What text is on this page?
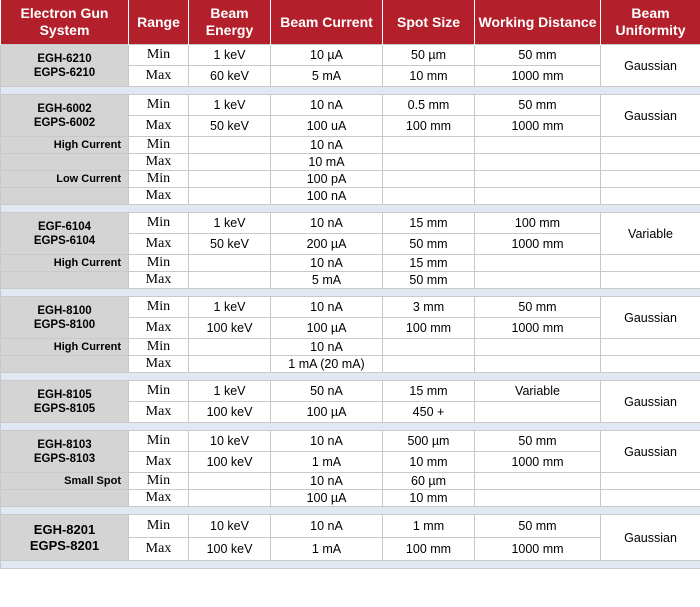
Electron Gun System	Range	Beam Energy	Beam Current	Spot Size	Working Distance	Beam Uniformity

EGH-6210
EGPS-6210	Min	1 keV	10 µA	50 µm	50 mm	Gaussian
	Max	60 keV	5 mA	10 mm	1000 mm	

EGH-6002
EGPS-6002	Min	1 keV	10 nA	0.5 mm	50 mm	Gaussian
	Max	50 keV	100 uA	100 mm	1000 mm	
High Current	Min		10 nA			
	Max		10 mA			
Low Current	Min		100 pA			
	Max		100 nA			

EGF-6104
EGPS-6104	Min	1 keV	10 nA	15 mm	100 mm	Variable
	Max	50 keV	200 µA	50 mm	1000 mm	
High Current	Min		10 nA	15 mm		
	Max		5 mA	50 mm		

EGH-8100
EGPS-8100	Min	1 keV	10 nA	3 mm	50 mm	Gaussian
	Max	100 keV	100 µA	100 mm	1000 mm	
High Current	Min		10 nA			
	Max		1 mA (20 mA)			

EGH-8105
EGPS-8105	Min	1 keV	50 nA	15 mm	Variable	Gaussian
	Max	100 keV	100 µA	450 +		

EGH-8103
EGPS-8103	Min	10 keV	10 nA	500 µm	50 mm	Gaussian
	Max	100 keV	1 mA	10 mm	1000 mm	
Small Spot	Min		10 nA	60 µm		
	Max		100 µA	10 mm		

EGH-8201
EGPS-8201	Min	10 keV	10 nA	1 mm	50 mm	Gaussian
	Max	100 keV	1 mA	100 mm	1000 mm	
